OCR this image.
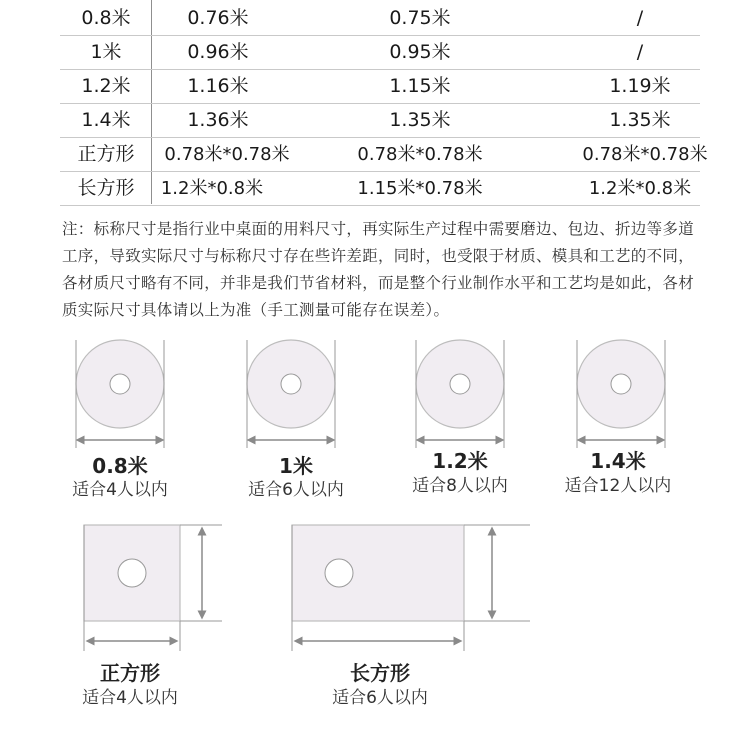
0.8米	0.76米	0.75米	/
1米	0.96米	0.95米	/
1.2米	1.16米	1.15米	1.19米
1.4米	1.36米	1.35米	1.35米
正方形	0.78米*0.78米	0.78米*0.78米	0.78米*0.78米
长方形	1.2米*0.8米	1.15米*0.78米	1.2米*0.8米
注：标称尺寸是指行业中桌面的用料尺寸，再实际生产过程中需要磨边、包边、折边等多道工序，导致实际尺寸与标称尺寸存在些许差距，同时，也受限于材质、模具和工艺的不同，各材质尺寸略有不同，并非是我们节省材料，而是整个行业制作水平和工艺均是如此，各材质实际尺寸具体请以上为准（手工测量可能存在误差）。
0.8米
适合4人以内
1米
适合6人以内
1.2米
适合8人以内
1.4米
适合12人以内
正方形
适合4人以内
长方形
适合6人以内
